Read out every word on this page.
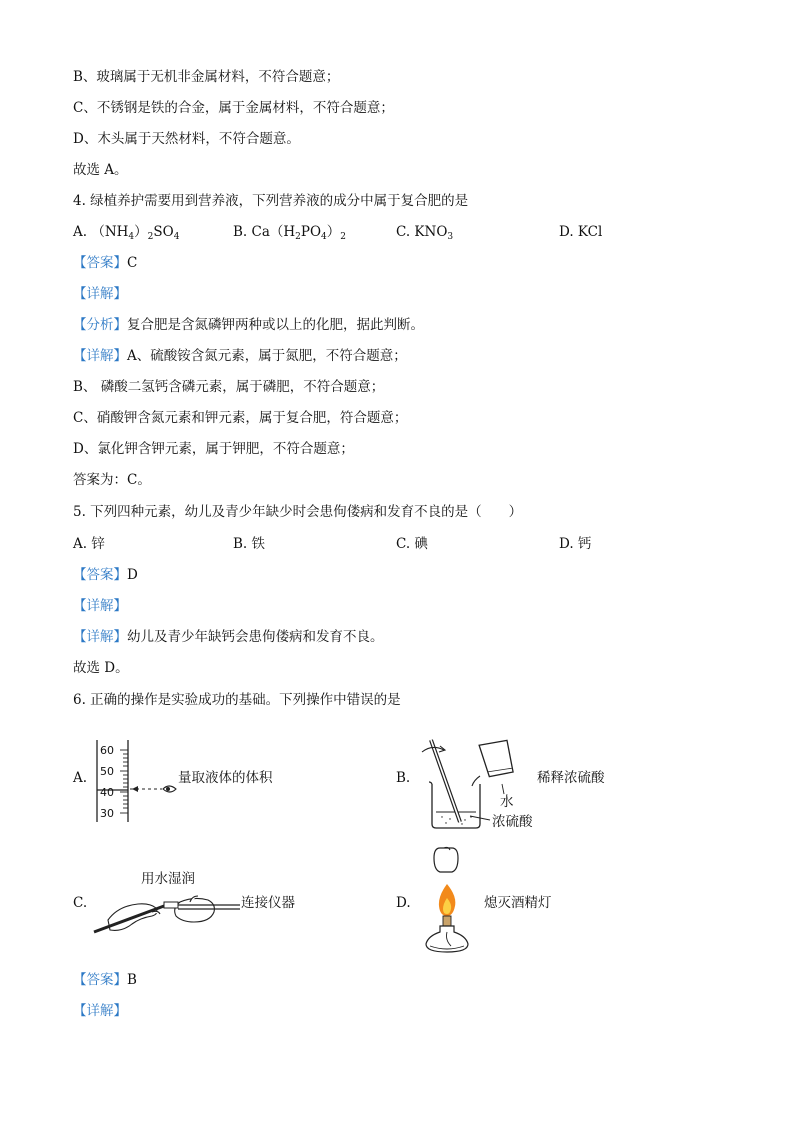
B、玻璃属于无机非金属材料，不符合题意；
C、不锈钢是铁的合金，属于金属材料，不符合题意；
D、木头属于天然材料，不符合题意。
故选 A。
4. 绿植养护需要用到营养液，下列营养液的成分中属于复合肥的是
A. $(NH_4)_2SO_4$	B. $Ca(H_2PO_4)_2$	C. $KNO_3$	D. KCl
【答案】C
【详解】
【分析】复合肥是含氮磷钾两种或以上的化肥，据此判断。
【详解】A、硫酸铵含氮元素，属于氮肥，不符合题意；
B、 磷酸二氢钙含磷元素，属于磷肥，不符合题意；
C、硝酸钾含氮元素和钾元素，属于复合肥，符合题意；
D、氯化钾含钾元素，属于钾肥，不符合题意；
答案为：C。
5. 下列四种元素，幼儿及青少年缺少时会患佝偻病和发育不良的是（　　）
A. 锌	B. 铁	C. 碘	D. 钙
【答案】D
【详解】
【详解】幼儿及青少年缺钙会患佝偻病和发育不良。
故选 D。
6. 正确的操作是实验成功的基础。下列操作中错误的是
A.
60
50
40
30
量取液体的体积	B.	稀释浓硫酸
水
浓硫酸
C.
用水湿润
连接仪器	D.	熄灭酒精灯
【答案】B
【详解】
